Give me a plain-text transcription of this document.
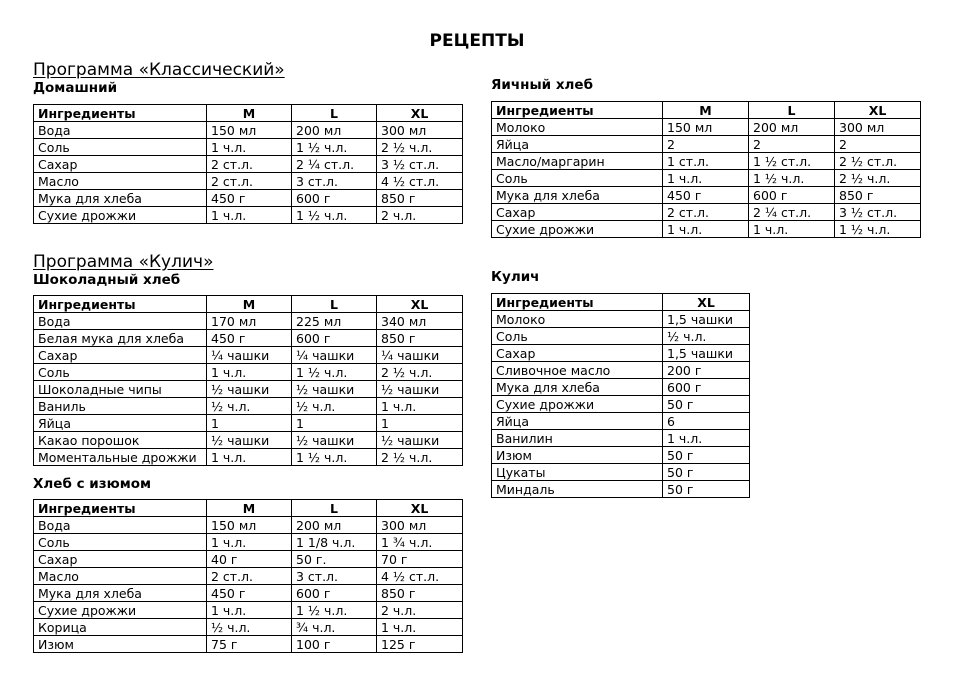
РЕЦЕПТЫ
Программа «Классический»
Домашний
Ингредиенты	M	L	XL
Вода	150 мл	200 мл	300 мл
Соль	1 ч.л.	1 ½ ч.л.	2 ½ ч.л.
Сахар	2 ст.л.	2 ¼ ст.л.	3 ½ ст.л.
Масло	2 ст.л.	3 ст.л.	4 ½ ст.л.
Мука для хлеба	450 г	600 г	850 г
Сухие дрожжи	1 ч.л.	1 ½ ч.л.	2 ч.л.
Яичный хлеб
Ингредиенты	M	L	XL
Молоко	150 мл	200 мл	300 мл
Яйца	2	2	2
Масло/маргарин	1 ст.л.	1 ½ ст.л.	2 ½ ст.л.
Соль	1 ч.л.	1 ½ ч.л.	2 ½ ч.л.
Мука для хлеба	450 г	600 г	850 г
Сахар	2 ст.л.	2 ¼ ст.л.	3 ½ ст.л.
Сухие дрожжи	1 ч.л.	1 ч.л.	1 ½ ч.л.
Программа «Кулич»
Шоколадный хлеб
Ингредиенты	M	L	XL
Вода	170 мл	225 мл	340 мл
Белая мука для хлеба	450 г	600 г	850 г
Сахар	¼ чашки	¼ чашки	¼ чашки
Соль	1 ч.л.	1 ½ ч.л.	2 ½ ч.л.
Шоколадные чипы	½ чашки	½ чашки	½ чашки
Ваниль	½ ч.л.	½ ч.л.	1 ч.л.
Яйца	1	1	1
Какао порошок	½ чашки	½ чашки	½ чашки
Моментальные дрожжи	1 ч.л.	1 ½ ч.л.	2 ½ ч.л.
Хлеб с изюмом
Ингредиенты	M	L	XL
Вода	150 мл	200 мл	300 мл
Соль	1 ч.л.	1 1/8 ч.л.	1 ¾ ч.л.
Сахар	40 г	50 г.	70 г
Масло	2 ст.л.	3 ст.л.	4 ½ ст.л.
Мука для хлеба	450 г	600 г	850 г
Сухие дрожжи	1 ч.л.	1 ½ ч.л.	2 ч.л.
Корица	½ ч.л.	¾ ч.л.	1 ч.л.
Изюм	75 г	100 г	125 г
Кулич
Ингредиенты	XL
Молоко	1,5 чашки
Соль	½ ч.л.
Сахар	1,5 чашки
Сливочное масло	200 г
Мука для хлеба	600 г
Сухие дрожжи	50 г
Яйца	6
Ванилин	1 ч.л.
Изюм	50 г
Цукаты	50 г
Миндаль	50 г
